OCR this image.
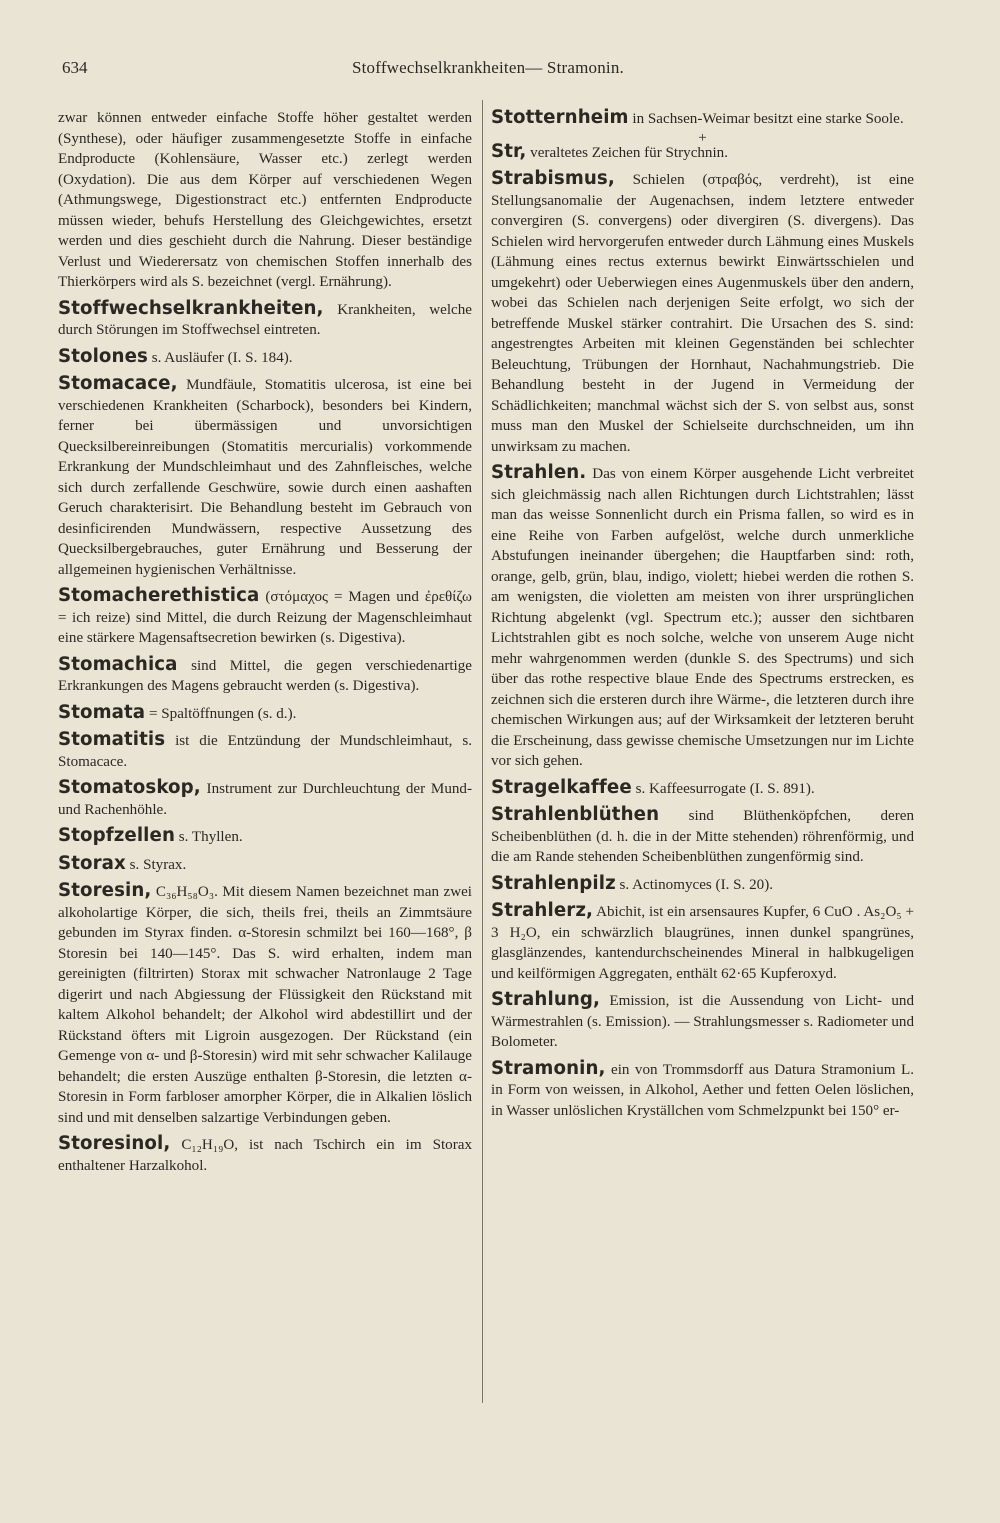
634	Stoffwechselkrankheiten— Stramonin.

zwar können entweder einfache Stoffe höher gestaltet werden (Synthese), oder häufiger zusammengesetzte Stoffe in einfache Endproducte (Kohlensäure, Wasser etc.) zerlegt werden (Oxydation). Die aus dem Körper auf verschiedenen Wegen (Athmungswege, Digestionstract etc.) entfernten Endproducte müssen wieder, behufs Herstellung des Gleichgewichtes, ersetzt werden und dies geschieht durch die Nahrung. Dieser beständige Verlust und Wiederersatz von chemischen Stoffen innerhalb des Thierkörpers wird als S. bezeichnet (vergl. Ernährung).

Stoffwechselkrankheiten, Krankheiten, welche durch Störungen im Stoffwechsel eintreten.

Stolones s. Ausläufer (I. S. 184).

Stomacace, Mundfäule, Stomatitis ulcerosa, ist eine bei verschiedenen Krankheiten (Scharbock), besonders bei Kindern, ferner bei übermässigen und unvorsichtigen Quecksilbereinreibungen (Stomatitis mercurialis) vorkommende Erkrankung der Mundschleimhaut und des Zahnfleisches, welche sich durch zerfallende Geschwüre, sowie durch einen aashaften Geruch charakterisirt. Die Behandlung besteht im Gebrauch von desinficirenden Mundwässern, respective Aussetzung des Quecksilbergebrauches, guter Ernährung und Besserung der allgemeinen hygienischen Verhältnisse.

Stomacherethistica (στόμαχος = Magen und ἐρεθίζω = ich reize) sind Mittel, die durch Reizung der Magenschleimhaut eine stärkere Magensaftsecretion bewirken (s. Digestiva).

Stomachica sind Mittel, die gegen verschiedenartige Erkrankungen des Magens gebraucht werden (s. Digestiva).

Stomata = Spaltöffnungen (s. d.).

Stomatitis ist die Entzündung der Mundschleimhaut, s. Stomacace.

Stomatoskop, Instrument zur Durchleuchtung der Mund- und Rachenhöhle.

Stopfzellen s. Thyllen.

Storax s. Styrax.

Storesin, C₃₆H₅₈O₃. Mit diesem Namen bezeichnet man zwei alkoholartige Körper, die sich, theils frei, theils an Zimmtsäure gebunden im Styrax finden. α-Storesin schmilzt bei 160—168°, β Storesin bei 140—145°. Das S. wird erhalten, indem man gereinigten (filtrirten) Storax mit schwacher Natronlauge 2 Tage digerirt und nach Abgiessung der Flüssigkeit den Rückstand mit kaltem Alkohol behandelt; der Alkohol wird abdestillirt und der Rückstand öfters mit Ligroin ausgezogen. Der Rückstand (ein Gemenge von α- und β-Storesin) wird mit sehr schwacher Kalilauge behandelt; die ersten Auszüge enthalten β-Storesin, die letzten α-Storesin in Form farbloser amorpher Körper, die in Alkalien löslich sind und mit denselben salzartige Verbindungen geben.

Storesinol, C₁₂H₁₉O, ist nach Tschirch ein im Storax enthaltener Harzalkohol.

Stotternheim in Sachsen-Weimar besitzt eine starke Soole.

+

Str, veraltetes Zeichen für Strychnin.

Strabismus, Schielen (στραβός, verdreht), ist eine Stellungsanomalie der Augenachsen, indem letztere entweder convergiren (S. convergens) oder divergiren (S. divergens). Das Schielen wird hervorgerufen entweder durch Lähmung eines Muskels (Lähmung eines rectus externus bewirkt Einwärtsschielen und umgekehrt) oder Ueberwiegen eines Augenmuskels über den andern, wobei das Schielen nach derjenigen Seite erfolgt, wo sich der betreffende Muskel stärker contrahirt. Die Ursachen des S. sind: angestrengtes Arbeiten mit kleinen Gegenständen bei schlechter Beleuchtung, Trübungen der Hornhaut, Nachahmungstrieb. Die Behandlung besteht in der Jugend in Vermeidung der Schädlichkeiten; manchmal wächst sich der S. von selbst aus, sonst muss man den Muskel der Schielseite durchschneiden, um ihn unwirksam zu machen.

Strahlen. Das von einem Körper ausgehende Licht verbreitet sich gleichmässig nach allen Richtungen durch Lichtstrahlen; lässt man das weisse Sonnenlicht durch ein Prisma fallen, so wird es in eine Reihe von Farben aufgelöst, welche durch unmerkliche Abstufungen ineinander übergehen; die Hauptfarben sind: roth, orange, gelb, grün, blau, indigo, violett; hiebei werden die rothen S. am wenigsten, die violetten am meisten von ihrer ursprünglichen Richtung abgelenkt (vgl. Spectrum etc.); ausser den sichtbaren Lichtstrahlen gibt es noch solche, welche von unserem Auge nicht mehr wahrgenommen werden (dunkle S. des Spectrums) und sich über das rothe respective blaue Ende des Spectrums erstrecken, es zeichnen sich die ersteren durch ihre Wärme-, die letzteren durch ihre chemischen Wirkungen aus; auf der Wirksamkeit der letzteren beruht die Erscheinung, dass gewisse chemische Umsetzungen nur im Lichte vor sich gehen.

Stragelkaffee s. Kaffeesurrogate (I. S. 891).

Strahlenblüthen sind Blüthenköpfchen, deren Scheibenblüthen (d. h. die in der Mitte stehenden) röhrenförmig, und die am Rande stehenden Scheibenblüthen zungenförmig sind.

Strahlenpilz s. Actinomyces (I. S. 20).

Strahlerz, Abichit, ist ein arsensaures Kupfer, 6 CuO . As₂O₅ + 3 H₂O, ein schwärzlich blaugrünes, innen dunkel spangrünes, glasglänzendes, kantendurchscheinendes Mineral in halbkugeligen und keilförmigen Aggregaten, enthält 62·65 Kupferoxyd.

Strahlung, Emission, ist die Aussendung von Licht- und Wärmestrahlen (s. Emission). — Strahlungsmesser s. Radiometer und Bolometer.

Stramonin, ein von Trommsdorff aus Datura Stramonium L. in Form von weissen, in Alkohol, Aether und fetten Oelen löslichen, in Wasser unlöslichen Kryställchen vom Schmelzpunkt bei 150° er-
